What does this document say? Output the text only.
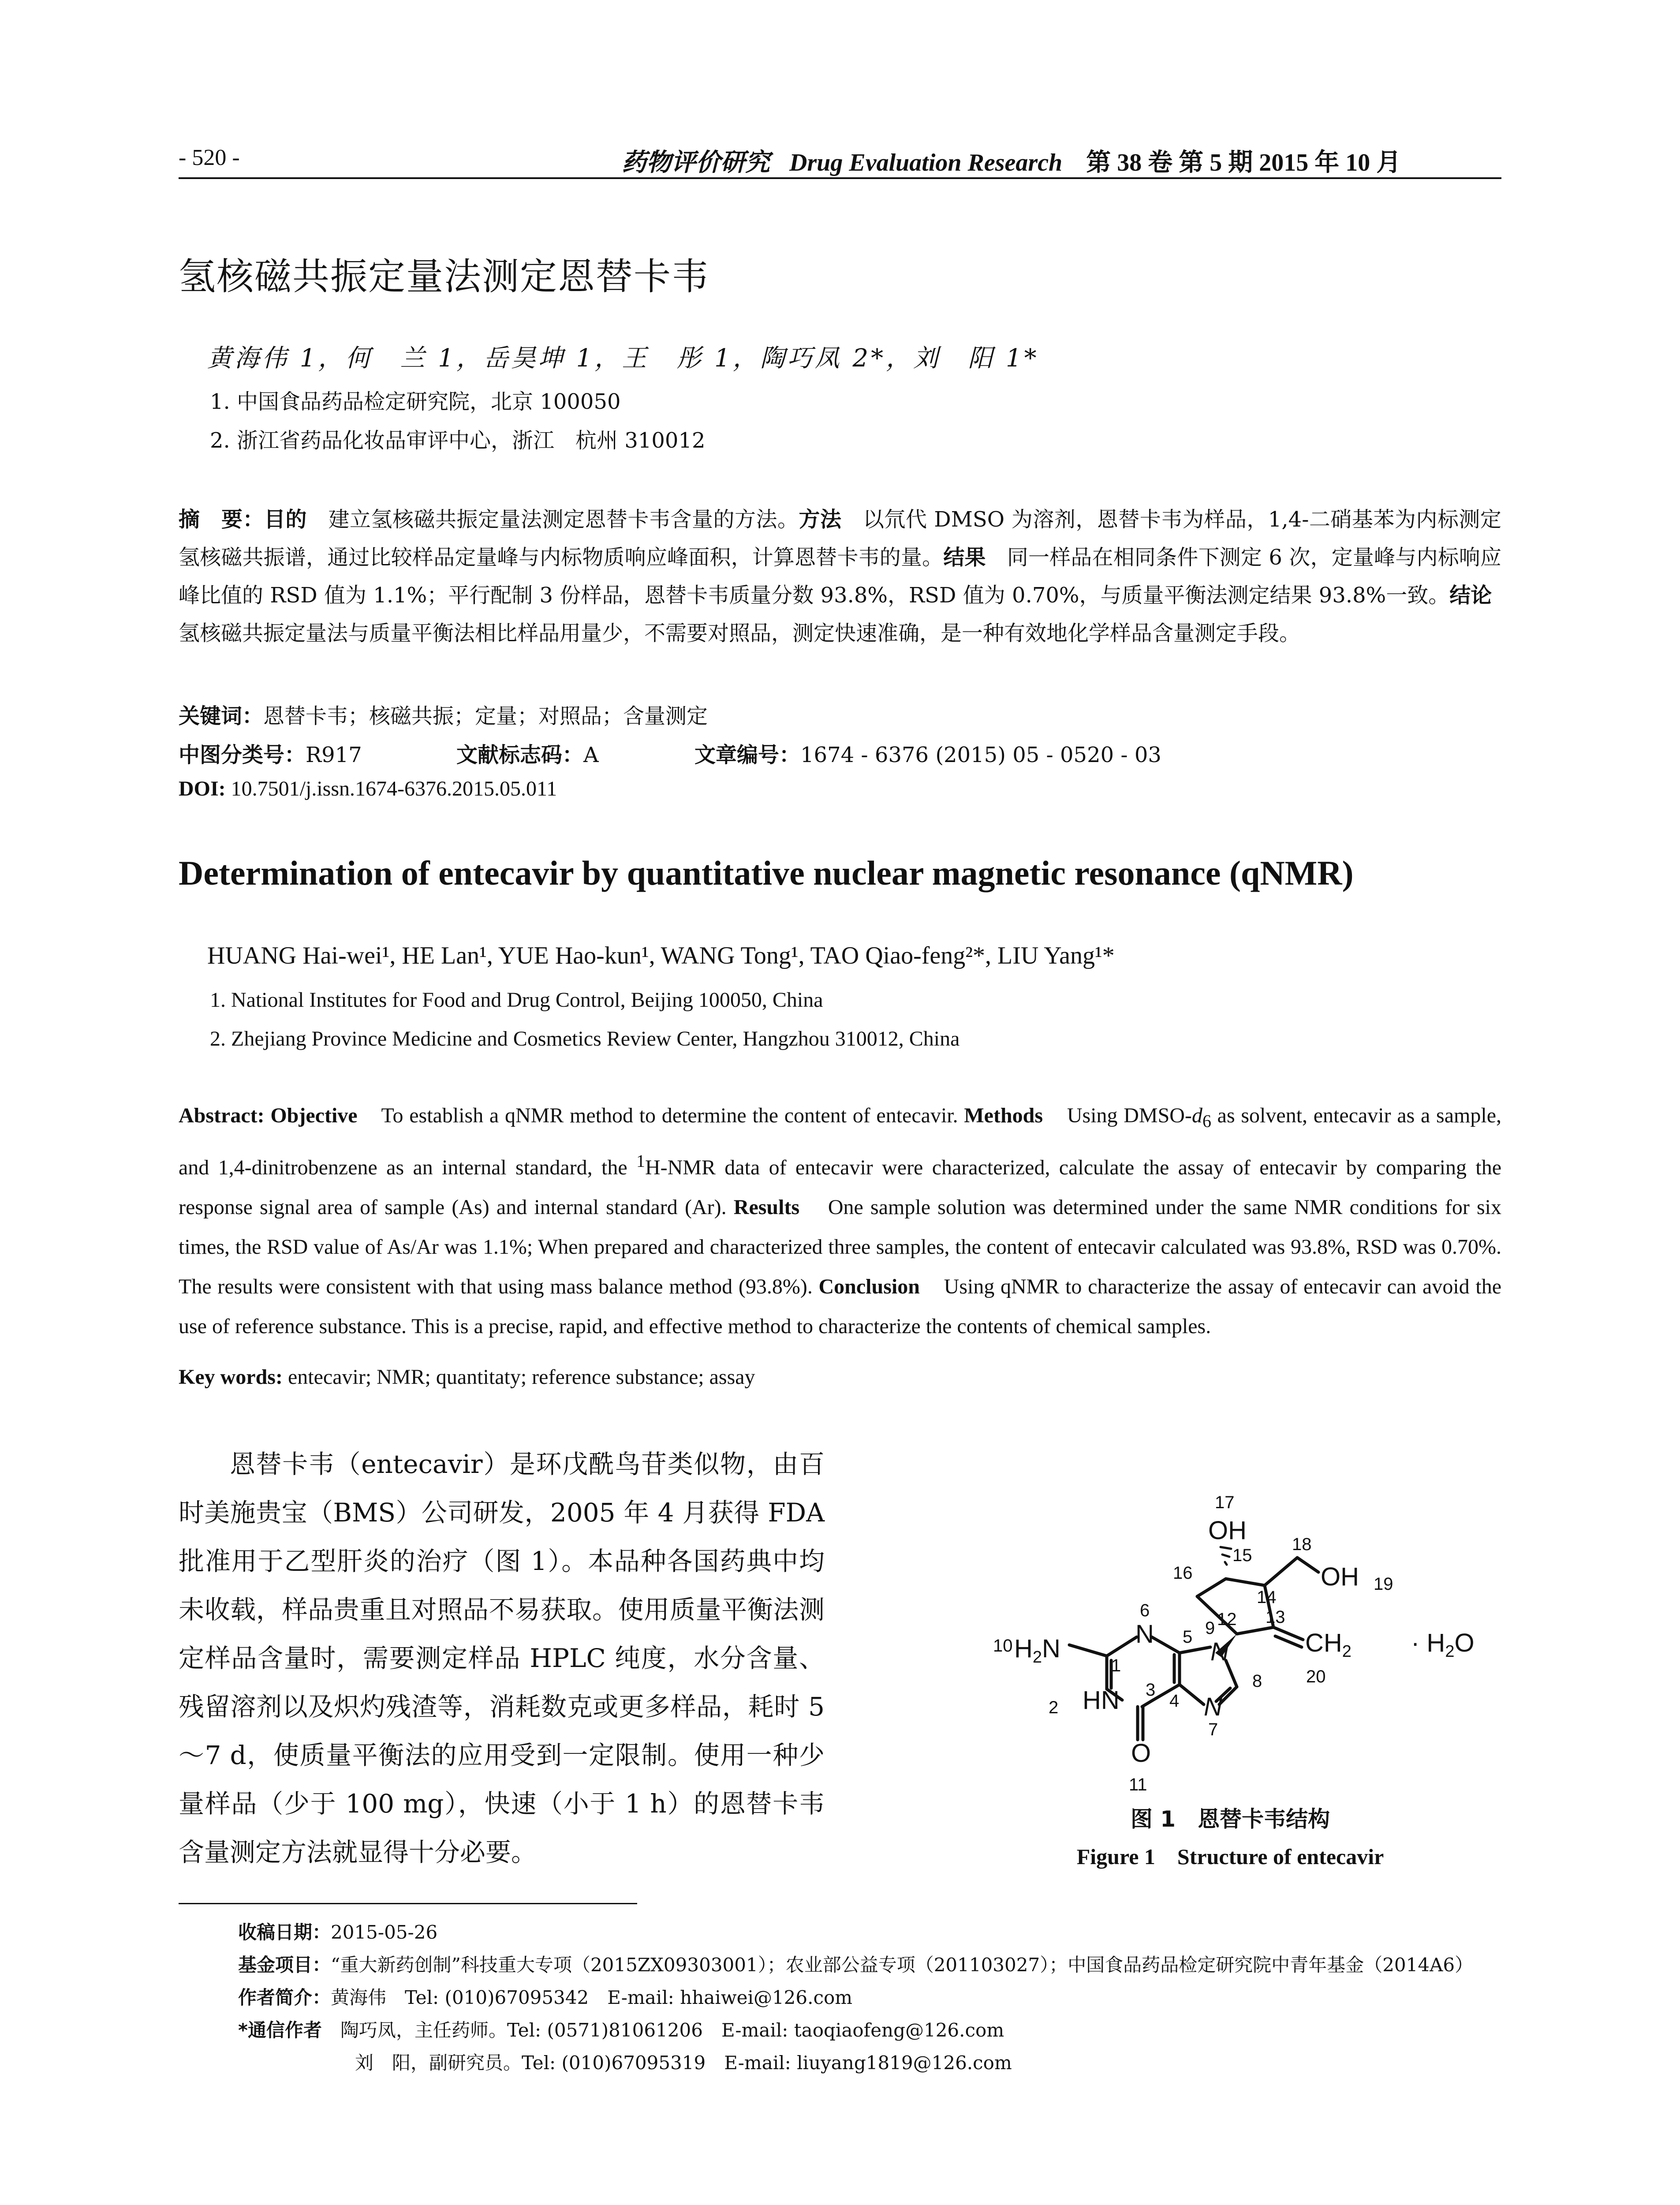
- 520 -	药物评价研究 Drug Evaluation Research 第 38 卷 第 5 期 2015 年 10 月
氢核磁共振定量法测定恩替卡韦
黄海伟 1，何　兰 1，岳昊坤 1，王　彤 1，陶巧凤 2*，刘　阳 1*
1. 中国食品药品检定研究院，北京 100050
2. 浙江省药品化妆品审评中心，浙江　杭州 310012
摘　要：目的　建立氢核磁共振定量法测定恩替卡韦含量的方法。方法　以氘代 DMSO 为溶剂，恩替卡韦为样品，1,4-二硝基苯为内标测定氢核磁共振谱，通过比较样品定量峰与内标物质响应峰面积，计算恩替卡韦的量。结果　同一样品在相同条件下测定 6 次，定量峰与内标响应峰比值的 RSD 值为 1.1%；平行配制 3 份样品，恩替卡韦质量分数 93.8%，RSD 值为 0.70%，与质量平衡法测定结果 93.8%一致。结论　氢核磁共振定量法与质量平衡法相比样品用量少，不需要对照品，测定快速准确，是一种有效地化学样品含量测定手段。
关键词：恩替卡韦；核磁共振；定量；对照品；含量测定
中图分类号：R917	文献标志码：A	文章编号：1674 - 6376 (2015) 05 - 0520 - 03
DOI: 10.7501/j.issn.1674-6376.2015.05.011
Determination of entecavir by quantitative nuclear magnetic resonance (qNMR)
HUANG Hai-wei¹, HE Lan¹, YUE Hao-kun¹, WANG Tong¹, TAO Qiao-feng²*, LIU Yang¹*
1. National Institutes for Food and Drug Control, Beijing 100050, China
2. Zhejiang Province Medicine and Cosmetics Review Center, Hangzhou 310012, China
Abstract: Objective    To establish a qNMR method to determine the content of entecavir. Methods    Using DMSO-$d_6$ as solvent, entecavir as a sample, and 1,4-dinitrobenzene as an internal standard, the $^1$H-NMR data of entecavir were characterized, calculate the assay of entecavir by comparing the response signal area of sample (As) and internal standard (Ar). Results    One sample solution was determined under the same NMR conditions for six times, the RSD value of As/Ar was 1.1%; When prepared and characterized three samples, the content of entecavir calculated was 93.8%, RSD was 0.70%. The results were consistent with that using mass balance method (93.8%). Conclusion    Using qNMR to characterize the assay of entecavir can avoid the use of reference substance. This is a precise, rapid, and effective method to characterize the contents of chemical samples.
Key words: entecavir; NMR; quantitaty; reference substance; assay
恩替卡韦（entecavir）是环戊酰鸟苷类似物，由百时美施贵宝（BMS）公司研发，2005 年 4 月获得 FDA 批准用于乙型肝炎的治疗（图 1）。本品种各国药典中均未收载，样品贵重且对照品不易获取。使用质量平衡法测定样品含量时，需要测定样品 HPLC 纯度，水分含量、残留溶剂以及炽灼残渣等，消耗数克或更多样品，耗时 5～7 d，使质量平衡法的应用受到一定限制。使用一种少量样品（少于 100 mg），快速（小于 1 h）的恩替卡韦含量测定方法就显得十分必要。
OH
OH
$H_2N$
N
HN
N
N
O
$CH_2 \cdot H_2O$
17
15
18
16
14
19
12 13
6
5 9
10
1
8 20
2
3
4
7
11
图 1　恩替卡韦结构
Figure 1　Structure of entecavir
收稿日期：2015-05-26
基金项目：“重大新药创制”科技重大专项（2015ZX09303001）；农业部公益专项（201103027）；中国食品药品检定研究院中青年基金（2014A6）
作者简介：黄海伟　Tel: (010)67095342　E-mail: hhaiwei@126.com
*通信作者　陶巧凤，主任药师。Tel: (0571)81061206　E-mail: taoqiaofeng@126.com
刘　阳，副研究员。Tel: (010)67095319　E-mail: liuyang1819@126.com
